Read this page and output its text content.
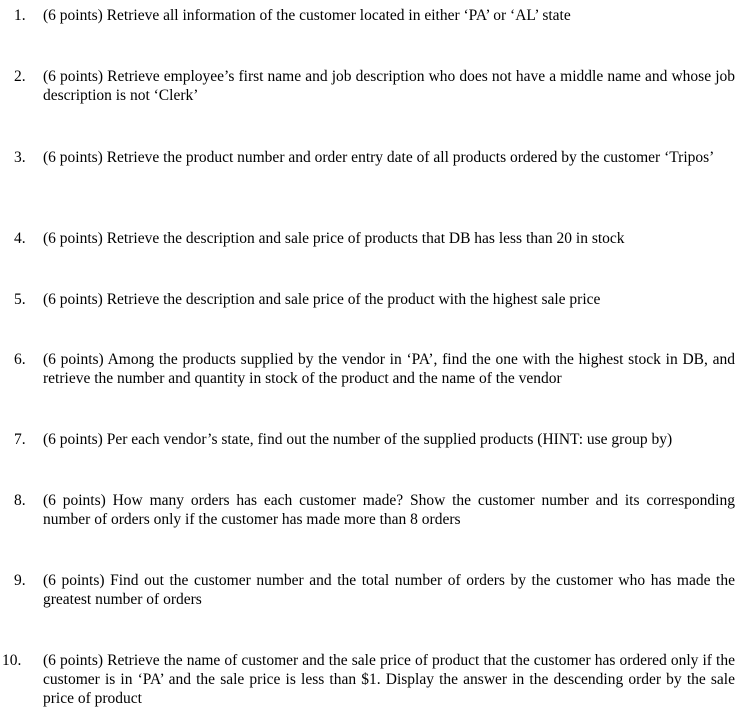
1.	(6 points) Retrieve all information of the customer located in either ‘PA’ or ‘AL’ state
2.	(6 points) Retrieve employee’s first name and job description who does not have a middle name and whose job description is not ‘Clerk’
3.	(6 points) Retrieve the product number and order entry date of all products ordered by the customer ‘Tripos’
4.	(6 points) Retrieve the description and sale price of products that DB has less than 20 in stock
5.	(6 points) Retrieve the description and sale price of the product with the highest sale price
6.	(6 points) Among the products supplied by the vendor in ‘PA’, find the one with the highest stock in DB, and retrieve the number and quantity in stock of the product and the name of the vendor
7.	(6 points) Per each vendor’s state, find out the number of the supplied products (HINT: use group by)
8.	(6 points) How many orders has each customer made? Show the customer number and its corresponding number of orders only if the customer has made more than 8 orders
9.	(6 points) Find out the customer number and the total number of orders by the customer who has made the greatest number of orders
10.	(6 points) Retrieve the name of customer and the sale price of product that the customer has ordered only if the customer is in ‘PA’ and the sale price is less than $1. Display the answer in the descending order by the sale price of product
